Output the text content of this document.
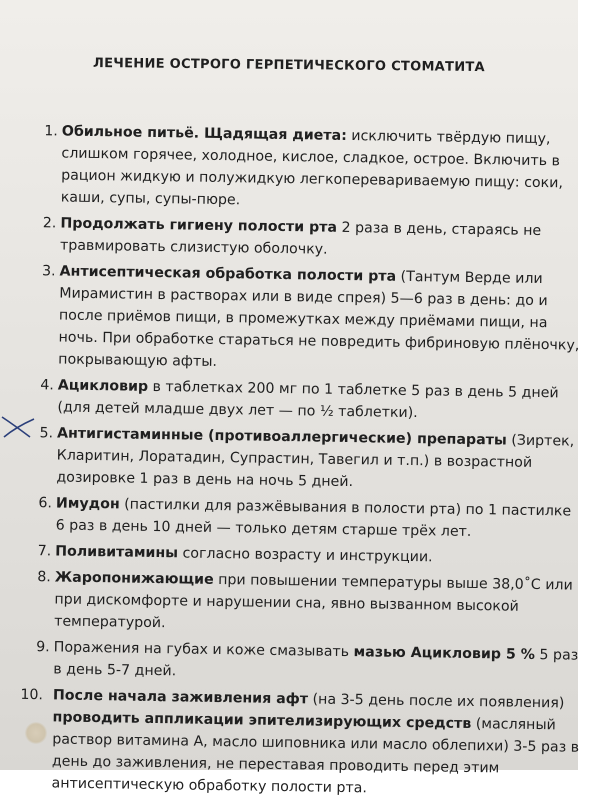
ЛЕЧЕНИЕ ОСТРОГО ГЕРПЕТИЧЕСКОГО СТОМАТИТА
1. Обильное питьё. Щадящая диета: исключить твёрдую пищу, слишком горячее, холодное, кислое, сладкое, острое. Включить в рацион жидкую и полужидкую легкоперевариваемую пищу: соки, каши, супы, супы-пюре.
2. Продолжать гигиену полости рта 2 раза в день, стараясь не травмировать слизистую оболочку.
3. Антисептическая обработка полости рта (Тантум Верде или Мирамистин в растворах или в виде спрея) 5—6 раз в день: до и после приёмов пищи, в промежутках между приёмами пищи, на ночь. При обработке стараться не повредить фибриновую плёночку, покрывающую афты.
4. Ацикловир в таблетках 200 мг по 1 таблетке 5 раз в день 5 дней (для детей младше двух лет — по ½ таблетки).
5. Антигистаминные (противоаллергические) препараты (Зиртек, Кларитин, Лоратадин, Супрастин, Тавегил и т.п.) в возрастной дозировке 1 раз в день на ночь 5 дней.
6. Имудон (пастилки для разжёвывания в полости рта) по 1 пастилке 6 раз в день 10 дней — только детям старше трёх лет.
7. Поливитамины согласно возрасту и инструкции.
8. Жаропонижающие при повышении температуры выше 38,0˚С или при дискомфорте и нарушении сна, явно вызванном высокой температурой.
9. Поражения на губах и коже смазывать мазью Ацикловир 5 % 5 раз в день 5-7 дней.
10. После начала заживления афт (на 3-5 день после их появления) проводить аппликации эпителизирующих средств (масляный раствор витамина А, масло шиповника или масло облепихи) 3-5 раз в день до заживления, не переставая проводить перед этим антисептическую обработку полости рта.
